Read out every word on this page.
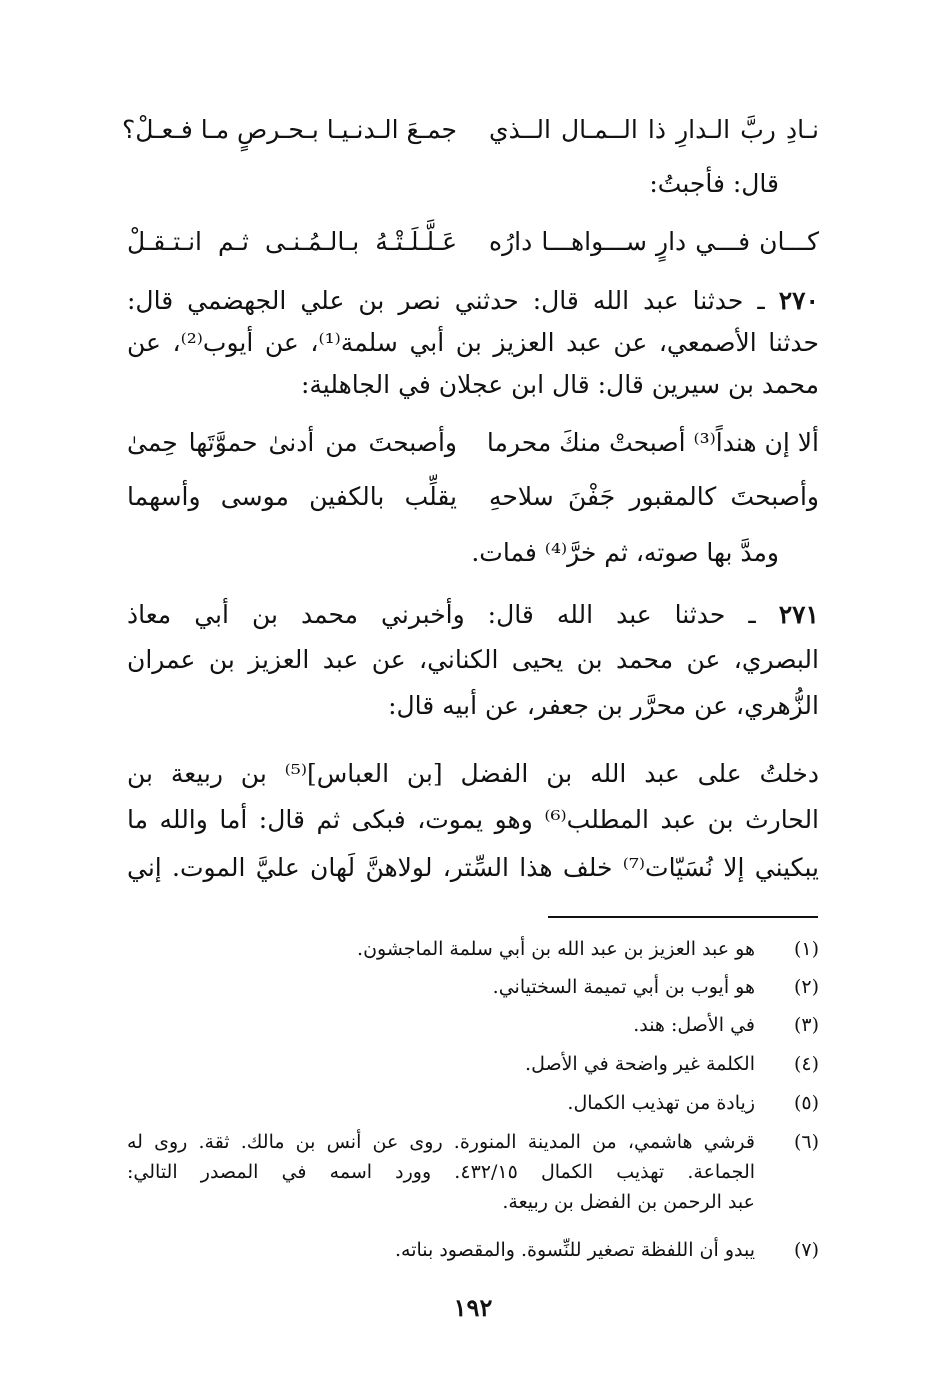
نـادِ ربَّ الـدارِ ذا الــمـال الــذي
جمـعَ الـدنـيـا بـحـرصٍ مـا فـعـلْ؟
قال: فأجبتُ:
كـــان فـــي دارٍ ســـواهـــا دارُه
عَـلَّـلَـتْـهُ بـالـمُـنـى ثـم انـتـقـلْ
٢٧٠ ـ حدثنا عبد الله قال: حدثني نصر بن علي الجهضمي قال:
حدثنا الأصمعي، عن عبد العزيز بن أبي سلمة⁽¹⁾، عن أيوب⁽²⁾، عن
محمد بن سيرين قال: قال ابن عجلان في الجاهلية:
ألا إن هنداً⁽³⁾ أصبحتْ منكَ محرما
وأصبحتَ من أدنىٰ حموَّتَها حِمىٰ
وأصبحتَ كالمقبور جَفْنَ سلاحهِ
يقلِّب بالكفين موسى وأسهما
ومدَّ بها صوته، ثم خرَّ⁽⁴⁾ فمات.
٢٧١ ـ حدثنا عبد الله قال: وأخبرني محمد بن أبي معاذ
البصري، عن محمد بن يحيى الكناني، عن عبد العزيز بن عمران
الزُّهري، عن محرَّر بن جعفر، عن أبيه قال:
دخلتُ على عبد الله بن الفضل [بن العباس]⁽⁵⁾ بن ربيعة بن
الحارث بن عبد المطلب⁽⁶⁾ وهو يموت، فبكى ثم قال: أما والله ما
يبكيني إلا نُسَيّات⁽⁷⁾ خلف هذا السِّتر، لولاهنَّ لَهان عليَّ الموت. إني
(١)
هو عبد العزيز بن عبد الله بن أبي سلمة الماجشون.
(٢)
هو أيوب بن أبي تميمة السختياني.
(٣)
في الأصل: هند.
(٤)
الكلمة غير واضحة في الأصل.
(٥)
زيادة من تهذيب الكمال.
(٦)
قرشي هاشمي، من المدينة المنورة. روى عن أنس بن مالك. ثقة. روى له
الجماعة. تهذيب الكمال ٤٣٢/١٥. وورد اسمه في المصدر التالي:
عبد الرحمن بن الفضل بن ربيعة.
(٧)
يبدو أن اللفظة تصغير للنِّسوة. والمقصود بناته.
١٩٢
